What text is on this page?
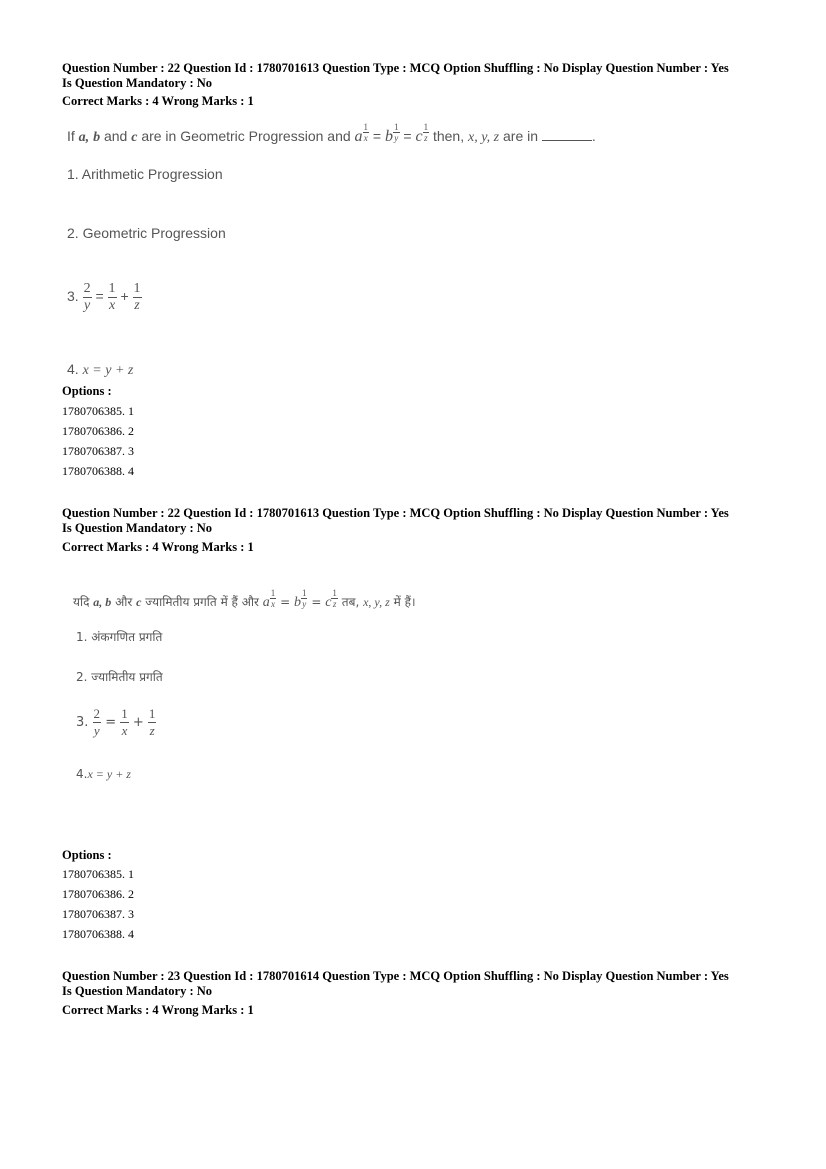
Question Number : 22 Question Id : 1780701613 Question Type : MCQ Option Shuffling : No Display Question Number : Yes
Is Question Mandatory : No
Correct Marks : 4 Wrong Marks : 1
If a, b and c are in Geometric Progression and a $^{\frac{1}{x}}$ = b $^{\frac{1}{y}}$ = c $^{\frac{1}{z}}$ then, x, y, z are in	.
1. Arithmetic Progression
2. Geometric Progression
3. $\frac{2}{y} = \frac{1}{x} + \frac{1}{z}$
4. x = y + z
Options :
1780706385. 1
1780706386. 2
1780706387. 3
1780706388. 4
Question Number : 22 Question Id : 1780701613 Question Type : MCQ Option Shuffling : No Display Question Number : Yes
Is Question Mandatory : No
Correct Marks : 4 Wrong Marks : 1
यदि a, b और c ज्यामितीय प्रगति में हैं और a $^{\frac{1}{x}}$ = b $^{\frac{1}{y}}$ = c $^{\frac{1}{z}}$ तब, x, y, z में हैं।
1. अंकगणित प्रगति
2. ज्यामितीय प्रगति
3. $\frac{2}{y} = \frac{1}{x} + \frac{1}{z}$
4.x = y + z
Options :
1780706385. 1
1780706386. 2
1780706387. 3
1780706388. 4
Question Number : 23 Question Id : 1780701614 Question Type : MCQ Option Shuffling : No Display Question Number : Yes
Is Question Mandatory : No
Correct Marks : 4 Wrong Marks : 1
